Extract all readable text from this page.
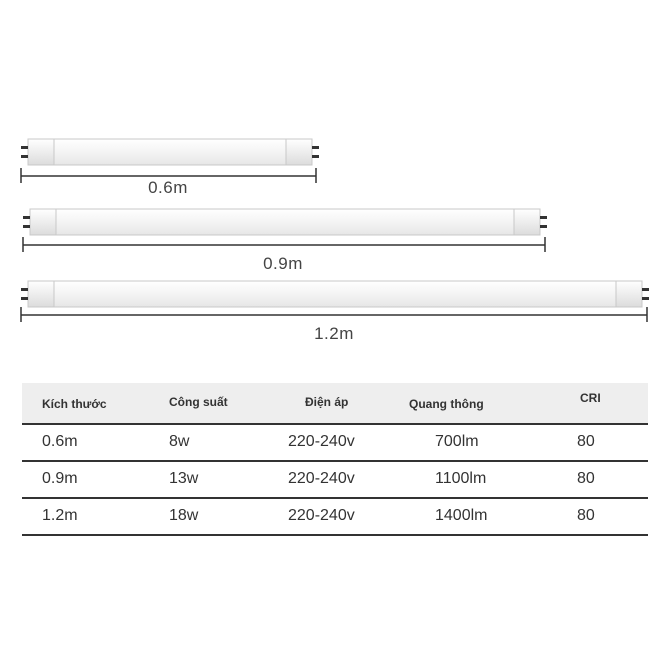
0.6m
0.9m
1.2m
Kích thước	Công suất	Điện áp	Quang thông	CRI
0.6m	8w	220-240v	700lm	80
0.9m	13w	220-240v	1100lm	80
1.2m	18w	220-240v	1400lm	80
